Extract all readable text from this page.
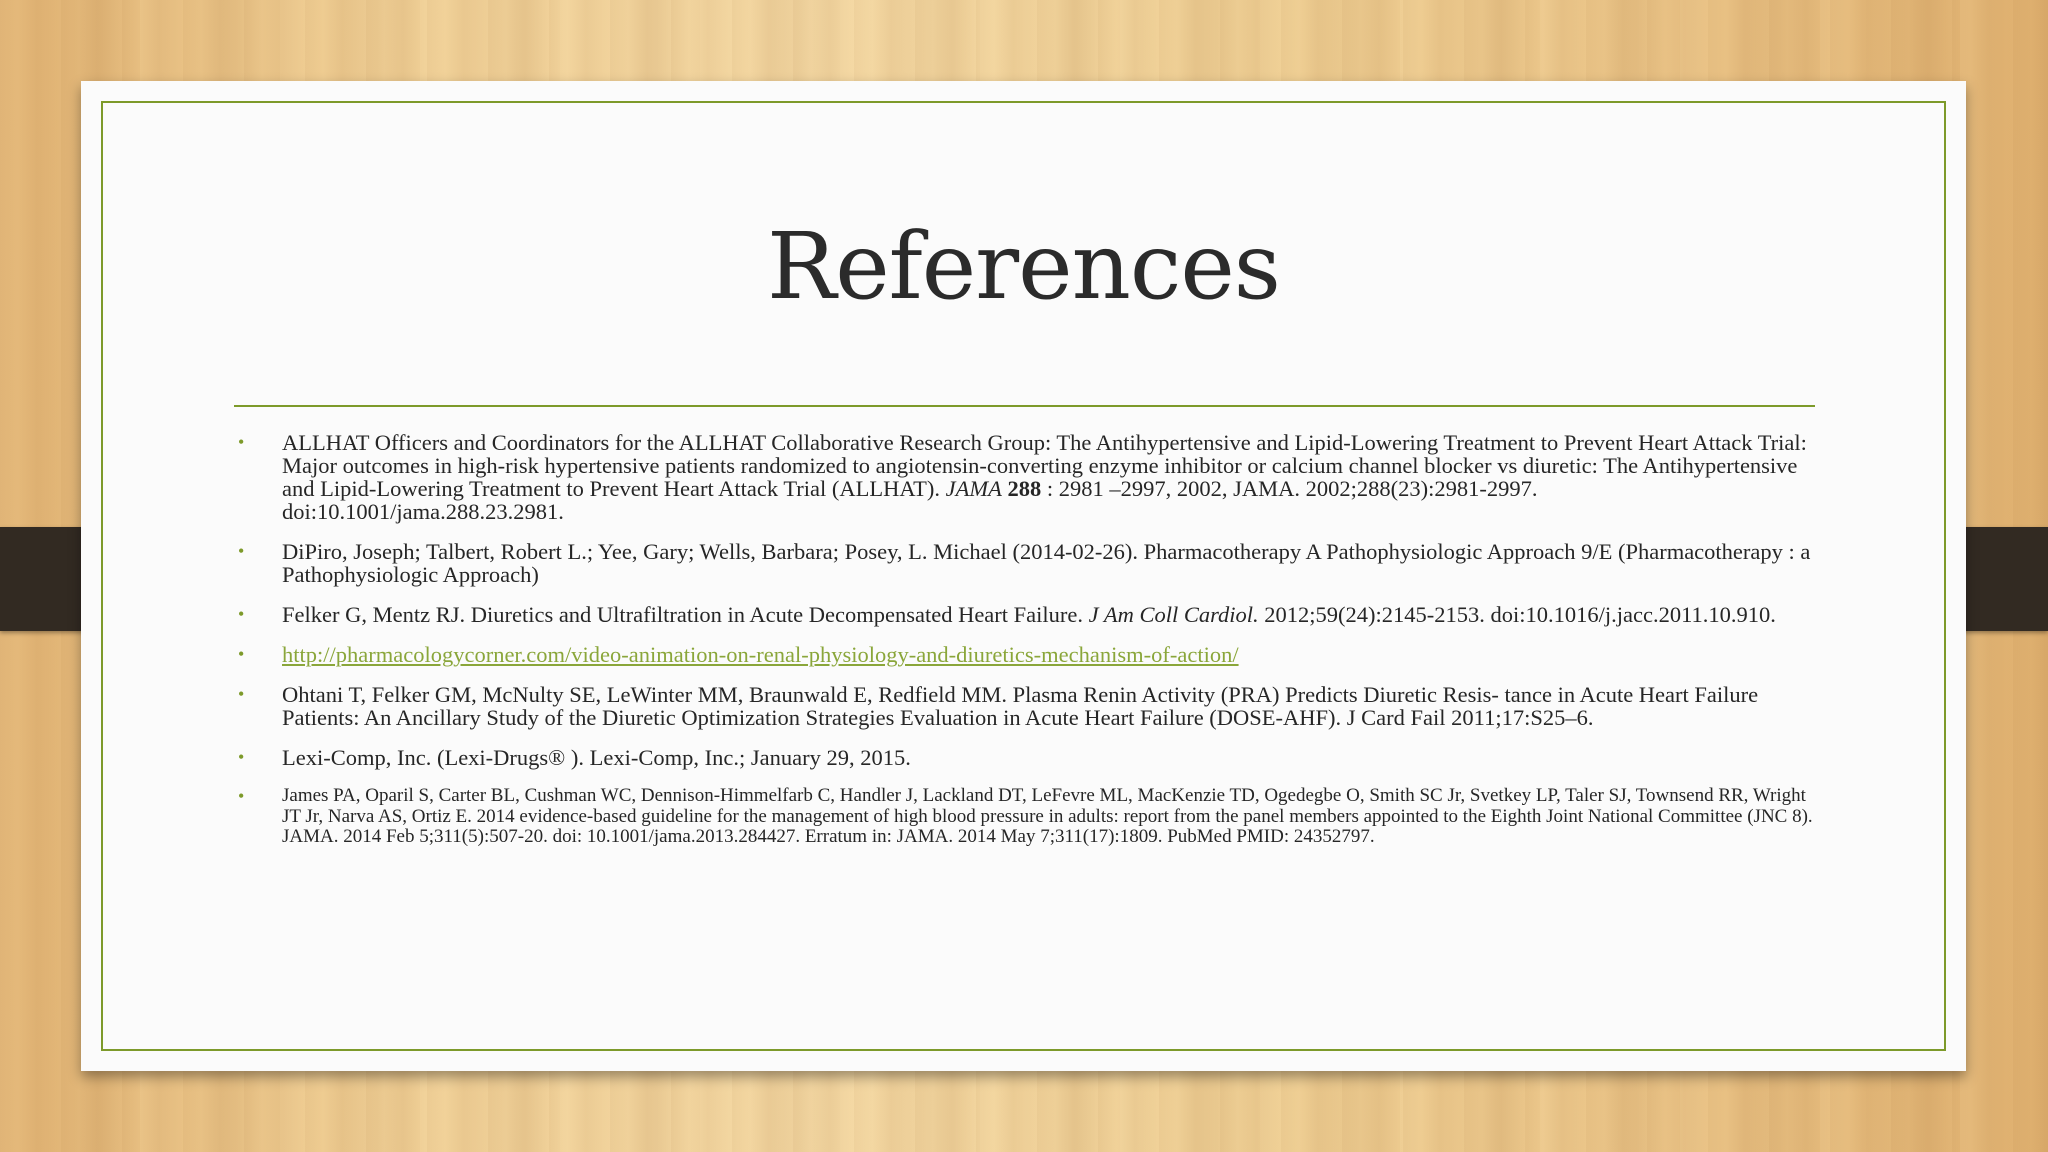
References
• ALLHAT Officers and Coordinators for the ALLHAT Collaborative Research Group: The Antihypertensive and Lipid-Lowering Treatment to Prevent Heart Attack Trial: Major outcomes in high-risk hypertensive patients randomized to angiotensin-converting enzyme inhibitor or calcium channel blocker vs diuretic: The Antihypertensive and Lipid-Lowering Treatment to Prevent Heart Attack Trial (ALLHAT). JAMA 288 : 2981 –2997, 2002, JAMA. 2002;288(23):2981-2997. doi:10.1001/jama.288.23.2981.
• DiPiro, Joseph; Talbert, Robert L.; Yee, Gary; Wells, Barbara; Posey, L. Michael (2014-02-26). Pharmacotherapy A Pathophysiologic Approach 9/E (Pharmacotherapy : a Pathophysiologic Approach)
• Felker G, Mentz RJ. Diuretics and Ultrafiltration in Acute Decompensated Heart Failure. J Am Coll Cardiol. 2012;59(24):2145-2153. doi:10.1016/j.jacc.2011.10.910.
• http://pharmacologycorner.com/video-animation-on-renal-physiology-and-diuretics-mechanism-of-action/
• Ohtani T, Felker GM, McNulty SE, LeWinter MM, Braunwald E, Redfield MM. Plasma Renin Activity (PRA) Predicts Diuretic Resis- tance in Acute Heart Failure Patients: An Ancillary Study of the Diuretic Optimization Strategies Evaluation in Acute Heart Failure (DOSE-AHF). J Card Fail 2011;17:S25–6.
• Lexi-Comp, Inc. (Lexi-Drugs® ). Lexi-Comp, Inc.; January 29, 2015.
• James PA, Oparil S, Carter BL, Cushman WC, Dennison-Himmelfarb C, Handler J, Lackland DT, LeFevre ML, MacKenzie TD, Ogedegbe O, Smith SC Jr, Svetkey LP, Taler SJ, Townsend RR, Wright JT Jr, Narva AS, Ortiz E. 2014 evidence-based guideline for the management of high blood pressure in adults: report from the panel members appointed to the Eighth Joint National Committee (JNC 8). JAMA. 2014 Feb 5;311(5):507-20. doi: 10.1001/jama.2013.284427. Erratum in: JAMA. 2014 May 7;311(17):1809. PubMed PMID: 24352797.
